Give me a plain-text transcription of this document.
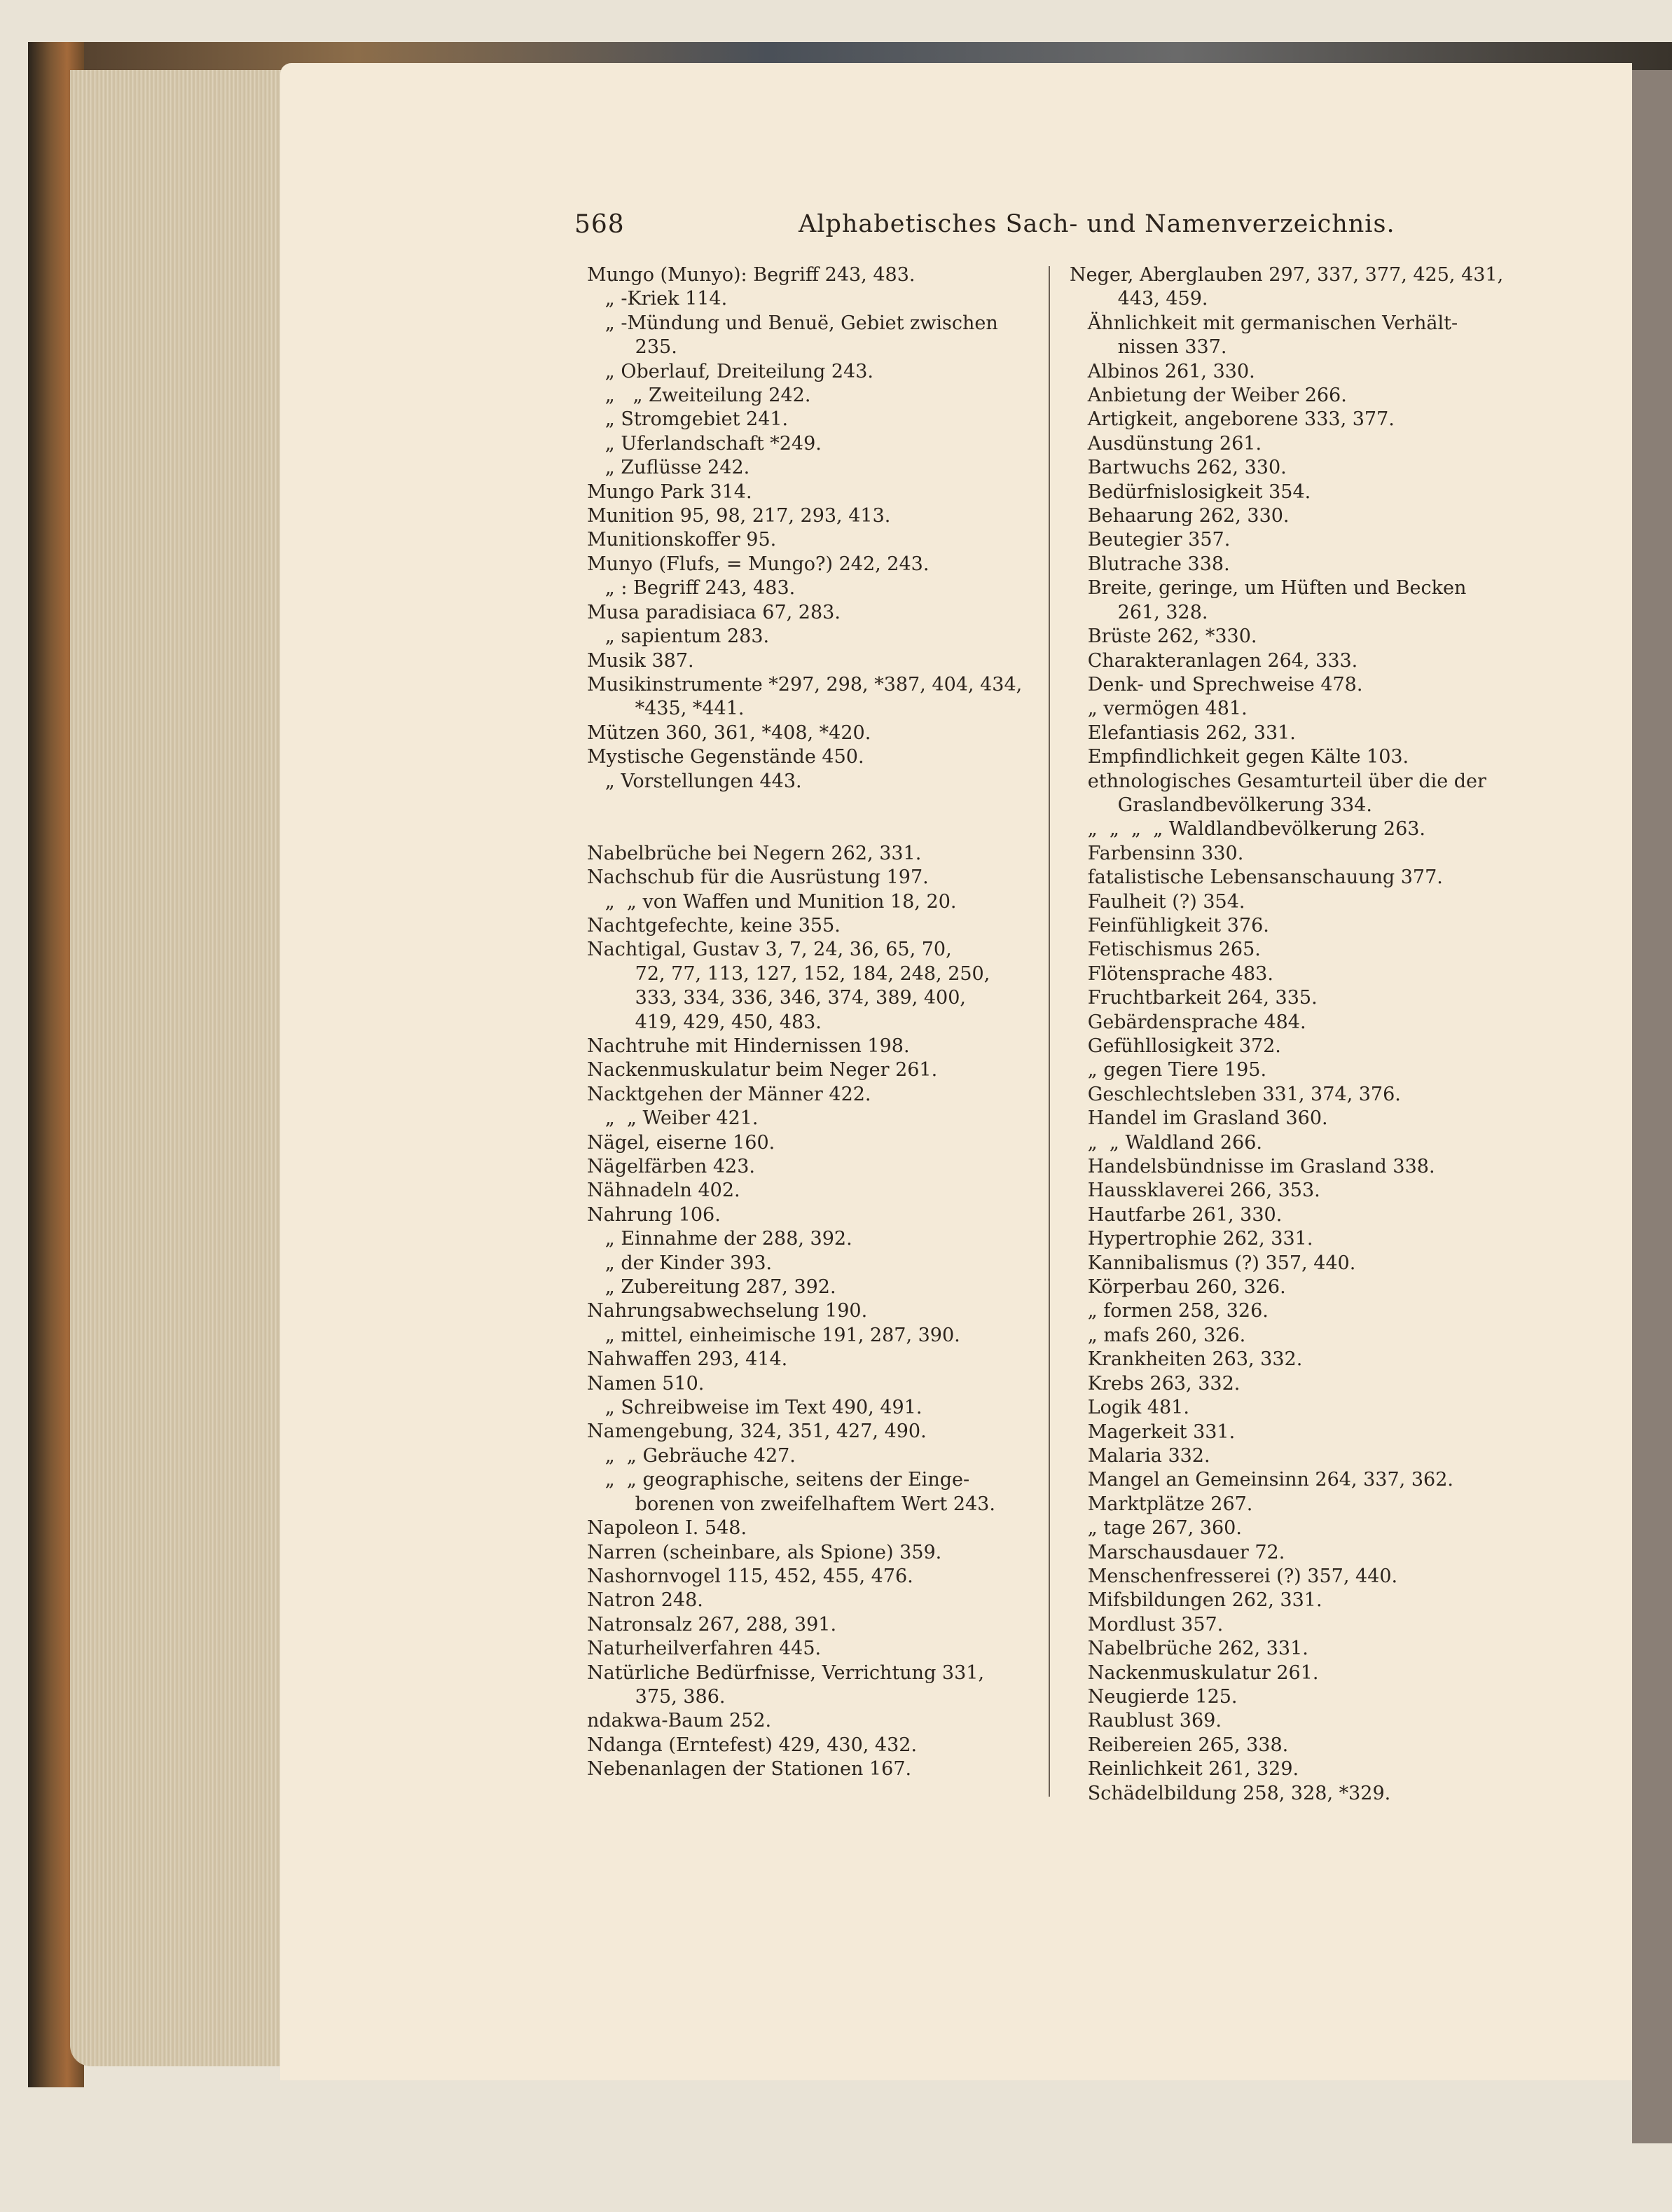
568	Alphabetisches Sach- und Namenverzeichnis.
Mungo (Munyo): Begriff 243, 483.
„ -Kriek 114.
„ -Mündung und Benuë, Gebiet zwischen
235.
„ Oberlauf, Dreiteilung 243.
„   „ Zweiteilung 242.
„ Stromgebiet 241.
„ Uferlandschaft *249.
„ Zuflüsse 242.
Mungo Park 314.
Munition 95, 98, 217, 293, 413.
Munitionskoffer 95.
Munyo (Flufs, = Mungo?) 242, 243.
„ : Begriff 243, 483.
Musa paradisiaca 67, 283.
„ sapientum 283.
Musik 387.
Musikinstrumente *297, 298, *387, 404, 434,
*435, *441.
Mützen 360, 361, *408, *420.
Mystische Gegenstände 450.
„ Vorstellungen 443.
Nabelbrüche bei Negern 262, 331.
Nachschub für die Ausrüstung 197.
„  „ von Waffen und Munition 18, 20.
Nachtgefechte, keine 355.
Nachtigal, Gustav 3, 7, 24, 36, 65, 70,
72, 77, 113, 127, 152, 184, 248, 250,
333, 334, 336, 346, 374, 389, 400,
419, 429, 450, 483.
Nachtruhe mit Hindernissen 198.
Nackenmuskulatur beim Neger 261.
Nacktgehen der Männer 422.
„  „ Weiber 421.
Nägel, eiserne 160.
Nägelfärben 423.
Nähnadeln 402.
Nahrung 106.
„ Einnahme der 288, 392.
„ der Kinder 393.
„ Zubereitung 287, 392.
Nahrungsabwechselung 190.
„ mittel, einheimische 191, 287, 390.
Nahwaffen 293, 414.
Namen 510.
„ Schreibweise im Text 490, 491.
Namengebung, 324, 351, 427, 490.
„  „ Gebräuche 427.
„  „ geographische, seitens der Einge-
borenen von zweifelhaftem Wert 243.
Napoleon I. 548.
Narren (scheinbare, als Spione) 359.
Nashornvogel 115, 452, 455, 476.
Natron 248.
Natronsalz 267, 288, 391.
Naturheilverfahren 445.
Natürliche Bedürfnisse, Verrichtung 331,
375, 386.
ndakwa-Baum 252.
Ndanga (Erntefest) 429, 430, 432.
Nebenanlagen der Stationen 167.
Neger, Aberglauben 297, 337, 377, 425, 431,
443, 459.
Ähnlichkeit mit germanischen Verhält-
nissen 337.
Albinos 261, 330.
Anbietung der Weiber 266.
Artigkeit, angeborene 333, 377.
Ausdünstung 261.
Bartwuchs 262, 330.
Bedürfnislosigkeit 354.
Behaarung 262, 330.
Beutegier 357.
Blutrache 338.
Breite, geringe, um Hüften und Becken
261, 328.
Brüste 262, *330.
Charakteranlagen 264, 333.
Denk- und Sprechweise 478.
„ vermögen 481.
Elefantiasis 262, 331.
Empfindlichkeit gegen Kälte 103.
ethnologisches Gesamturteil über die der
Graslandbevölkerung 334.
„  „  „  „ Waldlandbevölkerung 263.
Farbensinn 330.
fatalistische Lebensanschauung 377.
Faulheit (?) 354.
Feinfühligkeit 376.
Fetischismus 265.
Flötensprache 483.
Fruchtbarkeit 264, 335.
Gebärdensprache 484.
Gefühllosigkeit 372.
„ gegen Tiere 195.
Geschlechtsleben 331, 374, 376.
Handel im Grasland 360.
„  „ Waldland 266.
Handelsbündnisse im Grasland 338.
Haussklaverei 266, 353.
Hautfarbe 261, 330.
Hypertrophie 262, 331.
Kannibalismus (?) 357, 440.
Körperbau 260, 326.
„ formen 258, 326.
„ mafs 260, 326.
Krankheiten 263, 332.
Krebs 263, 332.
Logik 481.
Magerkeit 331.
Malaria 332.
Mangel an Gemeinsinn 264, 337, 362.
Marktplätze 267.
„ tage 267, 360.
Marschausdauer 72.
Menschenfresserei (?) 357, 440.
Mifsbildungen 262, 331.
Mordlust 357.
Nabelbrüche 262, 331.
Nackenmuskulatur 261.
Neugierde 125.
Raublust 369.
Reibereien 265, 338.
Reinlichkeit 261, 329.
Schädelbildung 258, 328, *329.
